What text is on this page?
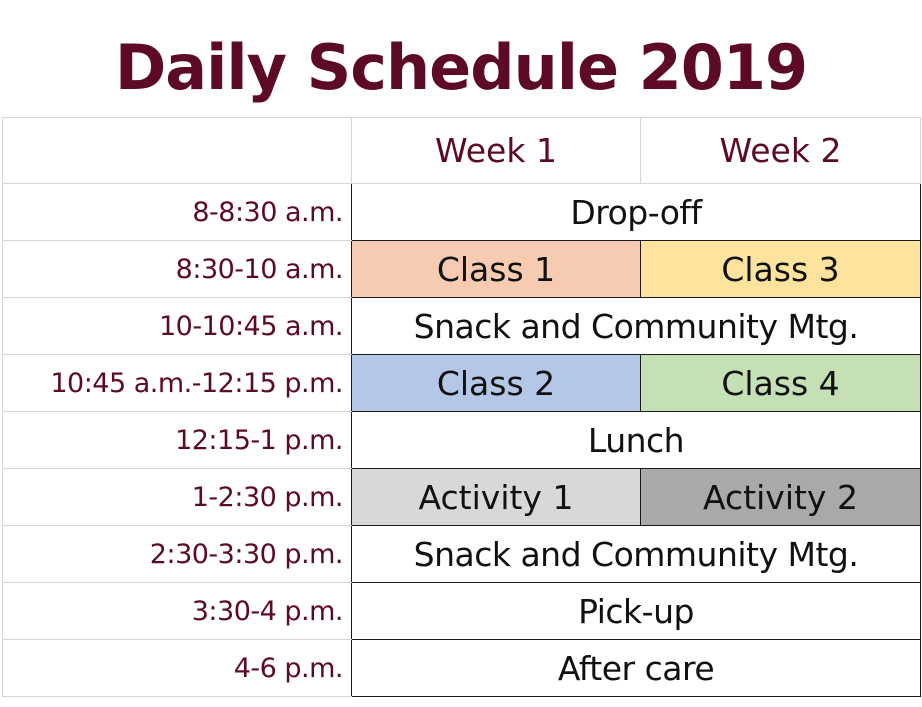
Daily Schedule 2019
	Week 1	Week 2
8-8:30 a.m.	Drop-off	
8:30-10 a.m.	Class 1	Class 3
10-10:45 a.m.	Snack and Community Mtg.	
10:45 a.m.-12:15 p.m.	Class 2	Class 4
12:15-1 p.m.	Lunch	
1-2:30 p.m.	Activity 1	Activity 2
2:30-3:30 p.m.	Snack and Community Mtg.	
3:30-4 p.m.	Pick-up	
4-6 p.m.	After care	
